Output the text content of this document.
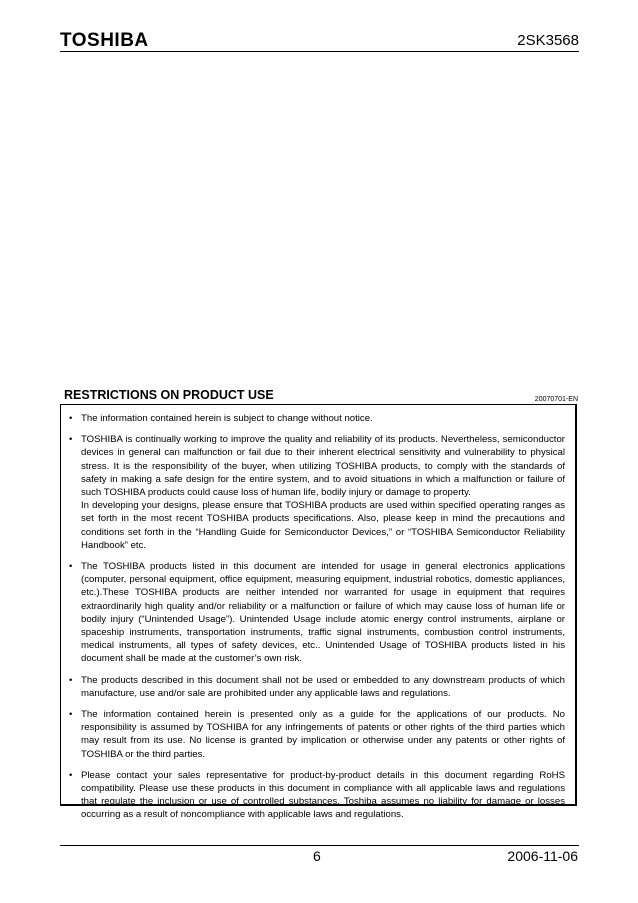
TOSHIBA	2SK3568
RESTRICTIONS ON PRODUCT USE	20070701-EN
• The information contained herein is subject to change without notice.

• TOSHIBA is continually working to improve the quality and reliability of its products. Nevertheless, semiconductor devices in general can malfunction or fail due to their inherent electrical sensitivity and vulnerability to physical stress. It is the responsibility of the buyer, when utilizing TOSHIBA products, to comply with the standards of safety in making a safe design for the entire system, and to avoid situations in which a malfunction or failure of such TOSHIBA products could cause loss of human life, bodily injury or damage to property.

In developing your designs, please ensure that TOSHIBA products are used within specified operating ranges as set forth in the most recent TOSHIBA products specifications. Also, please keep in mind the precautions and conditions set forth in the “Handling Guide for Semiconductor Devices,” or “TOSHIBA Semiconductor Reliability Handbook” etc.

• The TOSHIBA products listed in this document are intended for usage in general electronics applications (computer, personal equipment, office equipment, measuring equipment, industrial robotics, domestic appliances, etc.).These TOSHIBA products are neither intended nor warranted for usage in equipment that requires extraordinarily high quality and/or reliability or a malfunction or failure of which may cause loss of human life or bodily injury (“Unintended Usage”). Unintended Usage include atomic energy control instruments, airplane or spaceship instruments, transportation instruments, traffic signal instruments, combustion control instruments, medical instruments, all types of safety devices, etc.. Unintended Usage of TOSHIBA products listed in his document shall be made at the customer’s own risk.

• The products described in this document shall not be used or embedded to any downstream products of which manufacture, use and/or sale are prohibited under any applicable laws and regulations.

• The information contained herein is presented only as a guide for the applications of our products. No responsibility is assumed by TOSHIBA for any infringements of patents or other rights of the third parties which may result from its use. No license is granted by implication or otherwise under any patents or other rights of TOSHIBA or the third parties.

• Please contact your sales representative for product-by-product details in this document regarding RoHS compatibility. Please use these products in this document in compliance with all applicable laws and regulations that regulate the inclusion or use of controlled substances. Toshiba assumes no liability for damage or losses occurring as a result of noncompliance with applicable laws and regulations.

6	2006-11-06
